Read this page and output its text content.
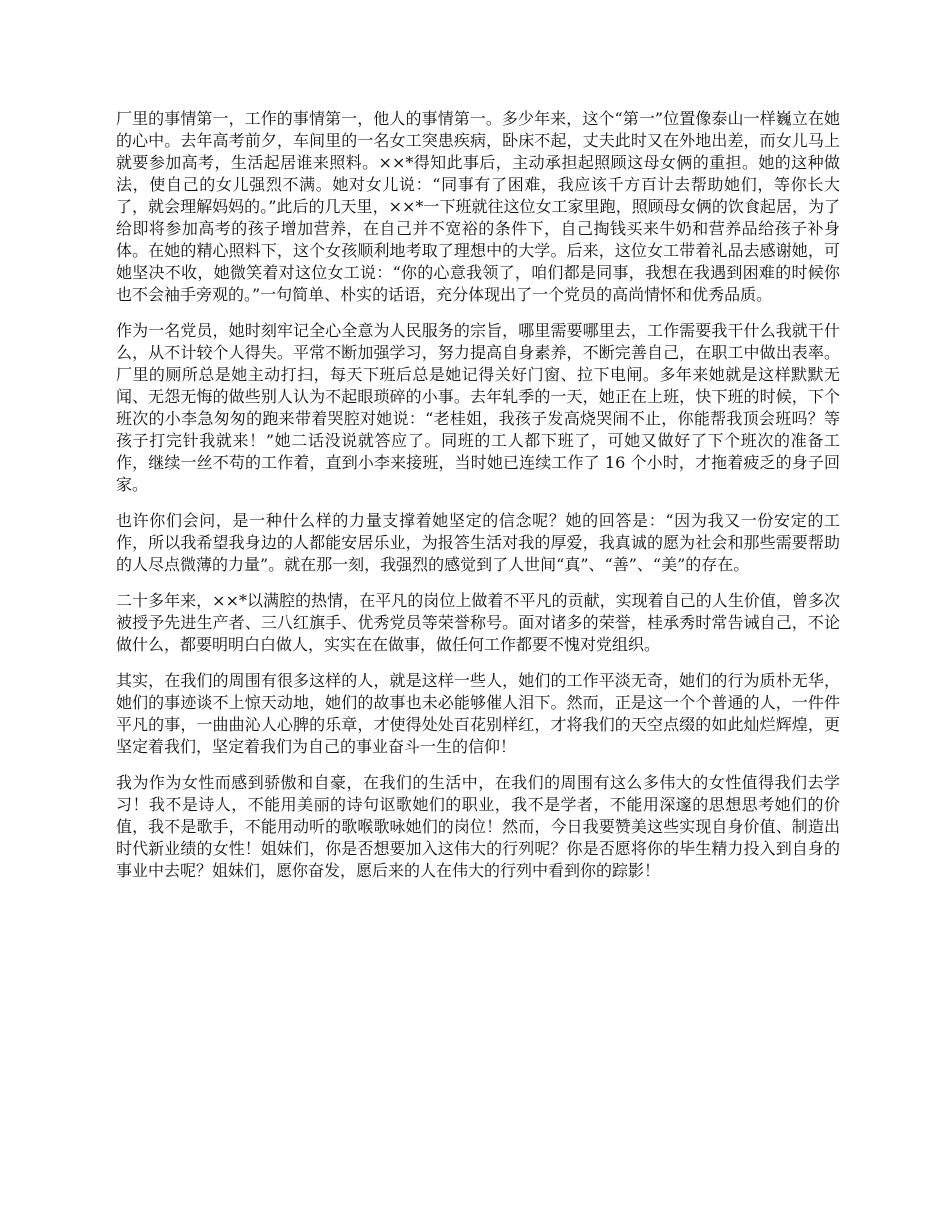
厂里的事情第一，工作的事情第一，他人的事情第一。多少年来，这个“第一”位置像泰山一样巍立在她的心中。去年高考前夕，车间里的一名女工突患疾病，卧床不起，丈夫此时又在外地出差，而女儿马上就要参加高考，生活起居谁来照料。××*得知此事后，主动承担起照顾这母女俩的重担。她的这种做法，使自己的女儿强烈不满。她对女儿说：“同事有了困难，我应该千方百计去帮助她们，等你长大了，就会理解妈妈的。”此后的几天里，××*一下班就往这位女工家里跑，照顾母女俩的饮食起居，为了给即将参加高考的孩子增加营养，在自己并不宽裕的条件下，自己掏钱买来牛奶和营养品给孩子补身体。在她的精心照料下，这个女孩顺利地考取了理想中的大学。后来，这位女工带着礼品去感谢她，可她坚决不收，她微笑着对这位女工说：“你的心意我领了，咱们都是同事，我想在我遇到困难的时候你也不会袖手旁观的。”一句简单、朴实的话语，充分体现出了一个党员的高尚情怀和优秀品质。

作为一名党员，她时刻牢记全心全意为人民服务的宗旨，哪里需要哪里去，工作需要我干什么我就干什么，从不计较个人得失。平常不断加强学习，努力提高自身素养，不断完善自己，在职工中做出表率。厂里的厕所总是她主动打扫，每天下班后总是她记得关好门窗、拉下电闸。多年来她就是这样默默无闻、无怨无悔的做些别人认为不起眼琐碎的小事。去年轧季的一天，她正在上班，快下班的时候，下个班次的小李急匆匆的跑来带着哭腔对她说：“老桂姐，我孩子发高烧哭闹不止，你能帮我顶会班吗？等孩子打完针我就来！”她二话没说就答应了。同班的工人都下班了，可她又做好了下个班次的准备工作，继续一丝不苟的工作着，直到小李来接班，当时她已连续工作了 16 个小时，才拖着疲乏的身子回家。

也许你们会问，是一种什么样的力量支撑着她坚定的信念呢？她的回答是：“因为我又一份安定的工作，所以我希望我身边的人都能安居乐业，为报答生活对我的厚爱，我真诚的愿为社会和那些需要帮助的人尽点微薄的力量”。就在那一刻，我强烈的感觉到了人世间“真”、“善”、“美”的存在。

二十多年来，××*以满腔的热情，在平凡的岗位上做着不平凡的贡献，实现着自己的人生价值，曾多次被授予先进生产者、三八红旗手、优秀党员等荣誉称号。面对诸多的荣誉，桂承秀时常告诫自己，不论做什么，都要明明白白做人，实实在在做事，做任何工作都要不愧对党组织。

其实，在我们的周围有很多这样的人，就是这样一些人，她们的工作平淡无奇，她们的行为质朴无华，她们的事迹谈不上惊天动地，她们的故事也未必能够催人泪下。然而，正是这一个个普通的人，一件件平凡的事，一曲曲沁人心脾的乐章，才使得处处百花别样红，才将我们的天空点缀的如此灿烂辉煌，更坚定着我们，坚定着我们为自己的事业奋斗一生的信仰！

我为作为女性而感到骄傲和自豪，在我们的生活中，在我们的周围有这么多伟大的女性值得我们去学习！我不是诗人，不能用美丽的诗句讴歌她们的职业，我不是学者，不能用深邃的思想思考她们的价值，我不是歌手，不能用动听的歌喉歌咏她们的岗位！然而，今日我要赞美这些实现自身价值、制造出时代新业绩的女性！姐妹们，你是否想要加入这伟大的行列呢？你是否愿将你的毕生精力投入到自身的事业中去呢？姐妹们，愿你奋发，愿后来的人在伟大的行列中看到你的踪影！
